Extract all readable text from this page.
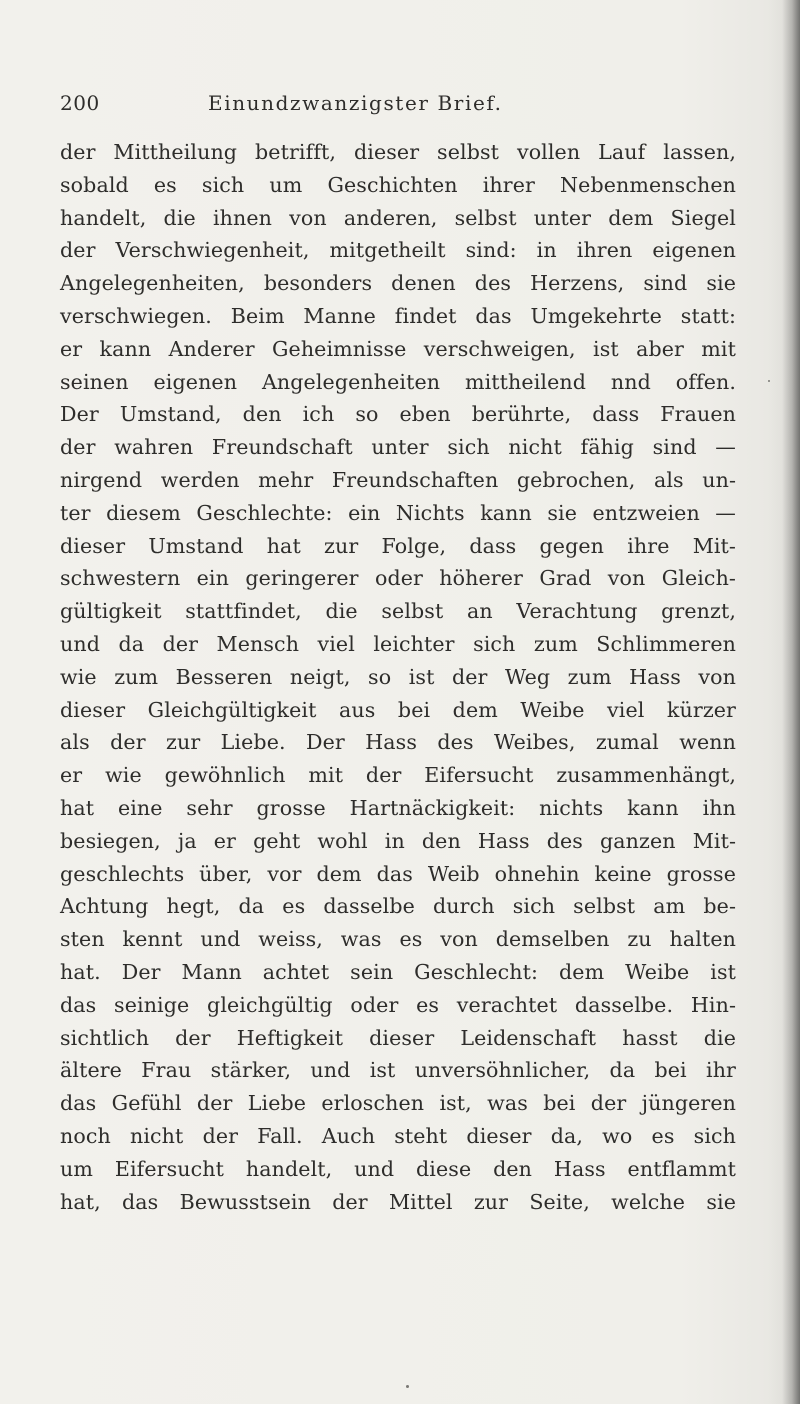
200	Einundzwanzigster Brief.
der Mittheilung betrifft, dieser selbst vollen Lauf lassen,
sobald es sich um Geschichten ihrer Nebenmenschen
handelt, die ihnen von anderen, selbst unter dem Siegel
der Verschwiegenheit, mitgetheilt sind: in ihren eigenen
Angelegenheiten, besonders denen des Herzens, sind sie
verschwiegen. Beim Manne findet das Umgekehrte statt:
er kann Anderer Geheimnisse verschweigen, ist aber mit
seinen eigenen Angelegenheiten mittheilend nnd offen.
Der Umstand, den ich so eben berührte, dass Frauen
der wahren Freundschaft unter sich nicht fähig sind —
nirgend werden mehr Freundschaften gebrochen, als un-
ter diesem Geschlechte: ein Nichts kann sie entzweien —
dieser Umstand hat zur Folge, dass gegen ihre Mit-
schwestern ein geringerer oder höherer Grad von Gleich-
gültigkeit stattfindet, die selbst an Verachtung grenzt,
und da der Mensch viel leichter sich zum Schlimmeren
wie zum Besseren neigt, so ist der Weg zum Hass von
dieser Gleichgültigkeit aus bei dem Weibe viel kürzer
als der zur Liebe. Der Hass des Weibes, zumal wenn
er wie gewöhnlich mit der Eifersucht zusammenhängt,
hat eine sehr grosse Hartnäckigkeit: nichts kann ihn
besiegen, ja er geht wohl in den Hass des ganzen Mit-
geschlechts über, vor dem das Weib ohnehin keine grosse
Achtung hegt, da es dasselbe durch sich selbst am be-
sten kennt und weiss, was es von demselben zu halten
hat. Der Mann achtet sein Geschlecht: dem Weibe ist
das seinige gleichgültig oder es verachtet dasselbe. Hin-
sichtlich der Heftigkeit dieser Leidenschaft hasst die
ältere Frau stärker, und ist unversöhnlicher, da bei ihr
das Gefühl der Liebe erloschen ist, was bei der jüngeren
noch nicht der Fall. Auch steht dieser da, wo es sich
um Eifersucht handelt, und diese den Hass entflammt
hat, das Bewusstsein der Mittel zur Seite, welche sie
